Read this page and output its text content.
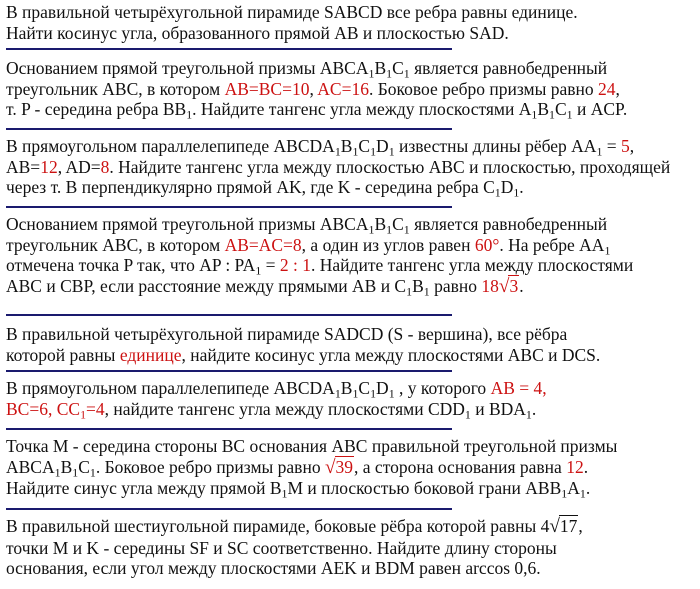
В правильной четырёхугольной пирамиде SABCD все ребра равны единице.
Найти косинус угла, образованного прямой AB и плоскостью SAD.
Основанием прямой треугольной призмы $ABCA_1B_1C_1$ является равнобедренный
треугольник ABC, в котором AB=BC=10, AC=16. Боковое ребро призмы равно 24,
т. P - середина ребра $BB_1$. Найдите тангенс угла между плоскостями $A_1B_1C_1$ и ACP.
В прямоугольном параллелепипеде $ABCDA_1B_1C_1D_1$ известны длины рёбер $AA_1 = 5$,
AB=12, AD=8. Найдите тангенс угла между плоскостью ABC и плоскостью, проходящей
через т. B перпендикулярно прямой AK, где K - середина ребра $C_1D_1$.
Основанием прямой треугольной призмы $ABCA_1B_1C_1$ является равнобедренный
треугольник ABC, в котором AB=AC=8, а один из углов равен 60°. На ребре $AA_1$
отмечена точка P так, что AP : $PA_1 = 2$ : 1. Найдите тангенс угла между плоскостями
ABC и CBP, если расстояние между прямыми AB и $C_1B_1$ равно 18√3.
В правильной четырёхугольной пирамиде SADCD (S - вершина), все рёбра
которой равны единице, найдите косинус угла между плоскостями ABC и DCS.
В прямоугольном параллелепипеде $ABCDA_1B_1C_1D_1$ , у которого AB = 4,
BC=6, $CC_1=4$, найдите тангенс угла между плоскостями $CDD_1$ и $BDA_1$.
Точка M - середина стороны BC основания ABC правильной треугольной призмы
$ABCA_1B_1C_1$. Боковое ребро призмы равно √39, а сторона основания равна 12.
Найдите синус угла между прямой $B_1M$ и плоскостью боковой грани $ABB_1A_1$.
В правильной шестиугольной пирамиде, боковые рёбра которой равны 4√17,
точки M и K - середины SF и SC соответственно. Найдите длину стороны
основания, если угол между плоскостями AEK и BDM равен arccos 0,6.
